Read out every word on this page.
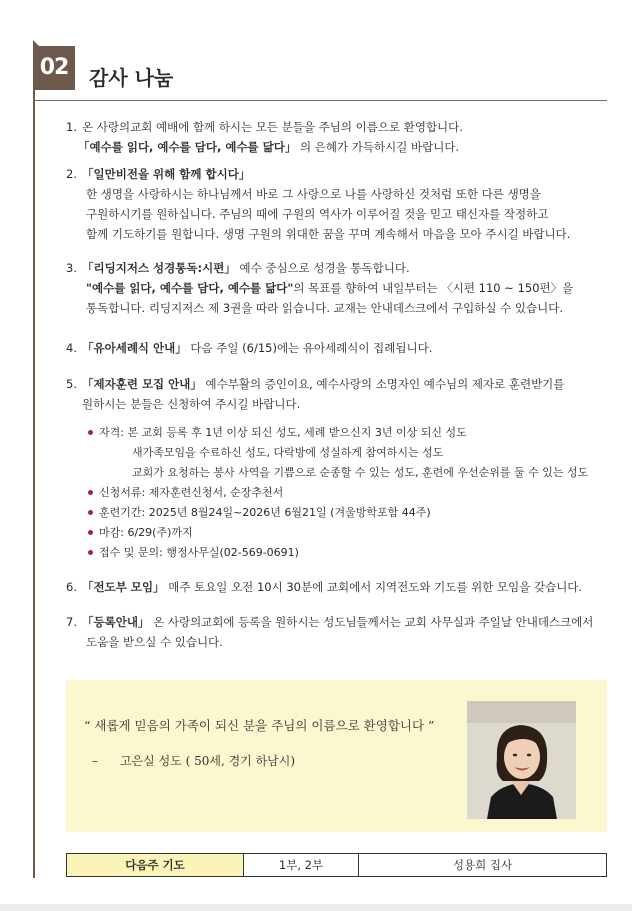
02	감사 나눔
1. 온 사랑의교회 예배에 함께 하시는 모든 분들을 주님의 이름으로 환영합니다.
「예수를 읽다, 예수를 담다, 예수를 닮다」 의 은혜가 가득하시길 바랍니다.
2. 「일만비전을 위해 함께 합시다」
한 생명을 사랑하시는 하나님께서 바로 그 사랑으로 나를 사랑하신 것처럼 또한 다른 생명을
구원하시기를 원하십니다. 주님의 때에 구원의 역사가 이루어질 것을 믿고 태신자를 작정하고
함께 기도하기를 원합니다. 생명 구원의 위대한 꿈을 꾸며 계속해서 마음을 모아 주시길 바랍니다.
3. 「리딩지저스 성경통독:시편」 예수 중심으로 성경을 통독합니다.
"예수를 읽다, 예수를 담다, 예수를 닮다"의 목표를 향하여 내일부터는 〈시편 110 ~ 150편〉을
통독합니다. 리딩지저스 제 3권을 따라 읽습니다. 교재는 안내데스크에서 구입하실 수 있습니다.
4. 「유아세례식 안내」 다음 주일 (6/15)에는 유아세례식이 집례됩니다.
5. 「제자훈련 모집 안내」 예수부활의 증인이요, 예수사랑의 소명자인 예수님의 제자로 훈련받기를
원하시는 분들은 신청하여 주시길 바랍니다.
자격: 본 교회 등록 후 1년 이상 되신 성도, 세례 받으신지 3년 이상 되신 성도
새가족모임을 수료하신 성도, 다락방에 성실하게 참여하시는 성도
교회가 요청하는 봉사 사역을 기쁨으로 순종할 수 있는 성도, 훈련에 우선순위를 둘 수 있는 성도
신청서류: 제자훈련신청서, 순장추천서
훈련기간: 2025년 8월24일~2026년 6월21일 (겨울방학포함 44주)
마감: 6/29(주)까지
접수 및 문의: 행정사무실(02-569-0691)
6. 「전도부 모임」 매주 토요일 오전 10시 30분에 교회에서 지역전도와 기도를 위한 모임을 갖습니다.
7. 「등록안내」 온 사랑의교회에 등록을 원하시는 성도님들께서는 교회 사무실과 주일날 안내데스크에서
도움을 받으실 수 있습니다.
“ 새롭게 믿음의 가족이 되신 분을 주님의 이름으로 환영합니다 ”
– 고은실 성도 ( 50세, 경기 하남시)
다음주 기도	1부, 2부	성용희 집사
